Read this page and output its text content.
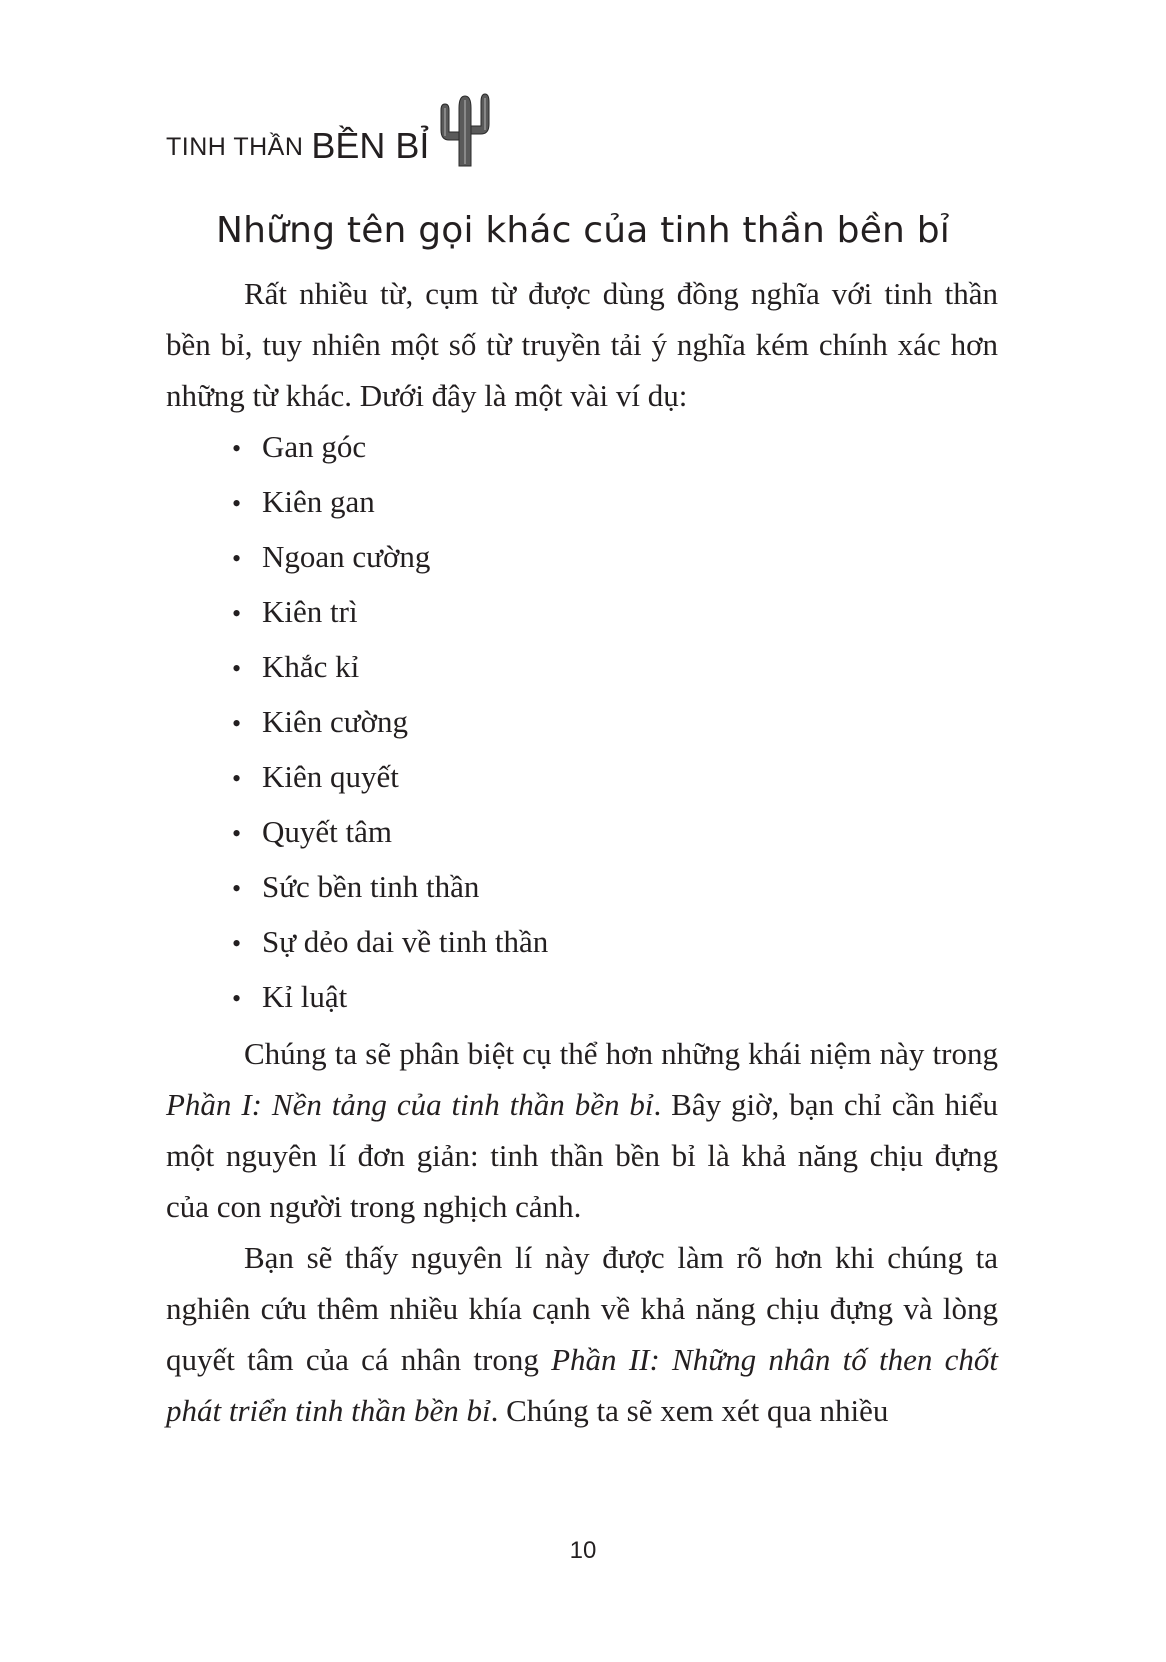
TINH THẦN BỀN BỈ
Những tên gọi khác của tinh thần bền bỉ

Rất nhiều từ, cụm từ được dùng đồng nghĩa với tinh thần bền bỉ, tuy nhiên một số từ truyền tải ý nghĩa kém chính xác hơn những từ khác. Dưới đây là một vài ví dụ:

• Gan góc
• Kiên gan
• Ngoan cường
• Kiên trì
• Khắc kỉ
• Kiên cường
• Kiên quyết
• Quyết tâm
• Sức bền tinh thần
• Sự dẻo dai về tinh thần
• Kỉ luật

Chúng ta sẽ phân biệt cụ thể hơn những khái niệm này trong Phần I: Nền tảng của tinh thần bền bỉ. Bây giờ, bạn chỉ cần hiểu một nguyên lí đơn giản: tinh thần bền bỉ là khả năng chịu đựng của con người trong nghịch cảnh.

Bạn sẽ thấy nguyên lí này được làm rõ hơn khi chúng ta nghiên cứu thêm nhiều khía cạnh về khả năng chịu đựng và lòng quyết tâm của cá nhân trong Phần II: Những nhân tố then chốt phát triển tinh thần bền bỉ. Chúng ta sẽ xem xét qua nhiều

10
